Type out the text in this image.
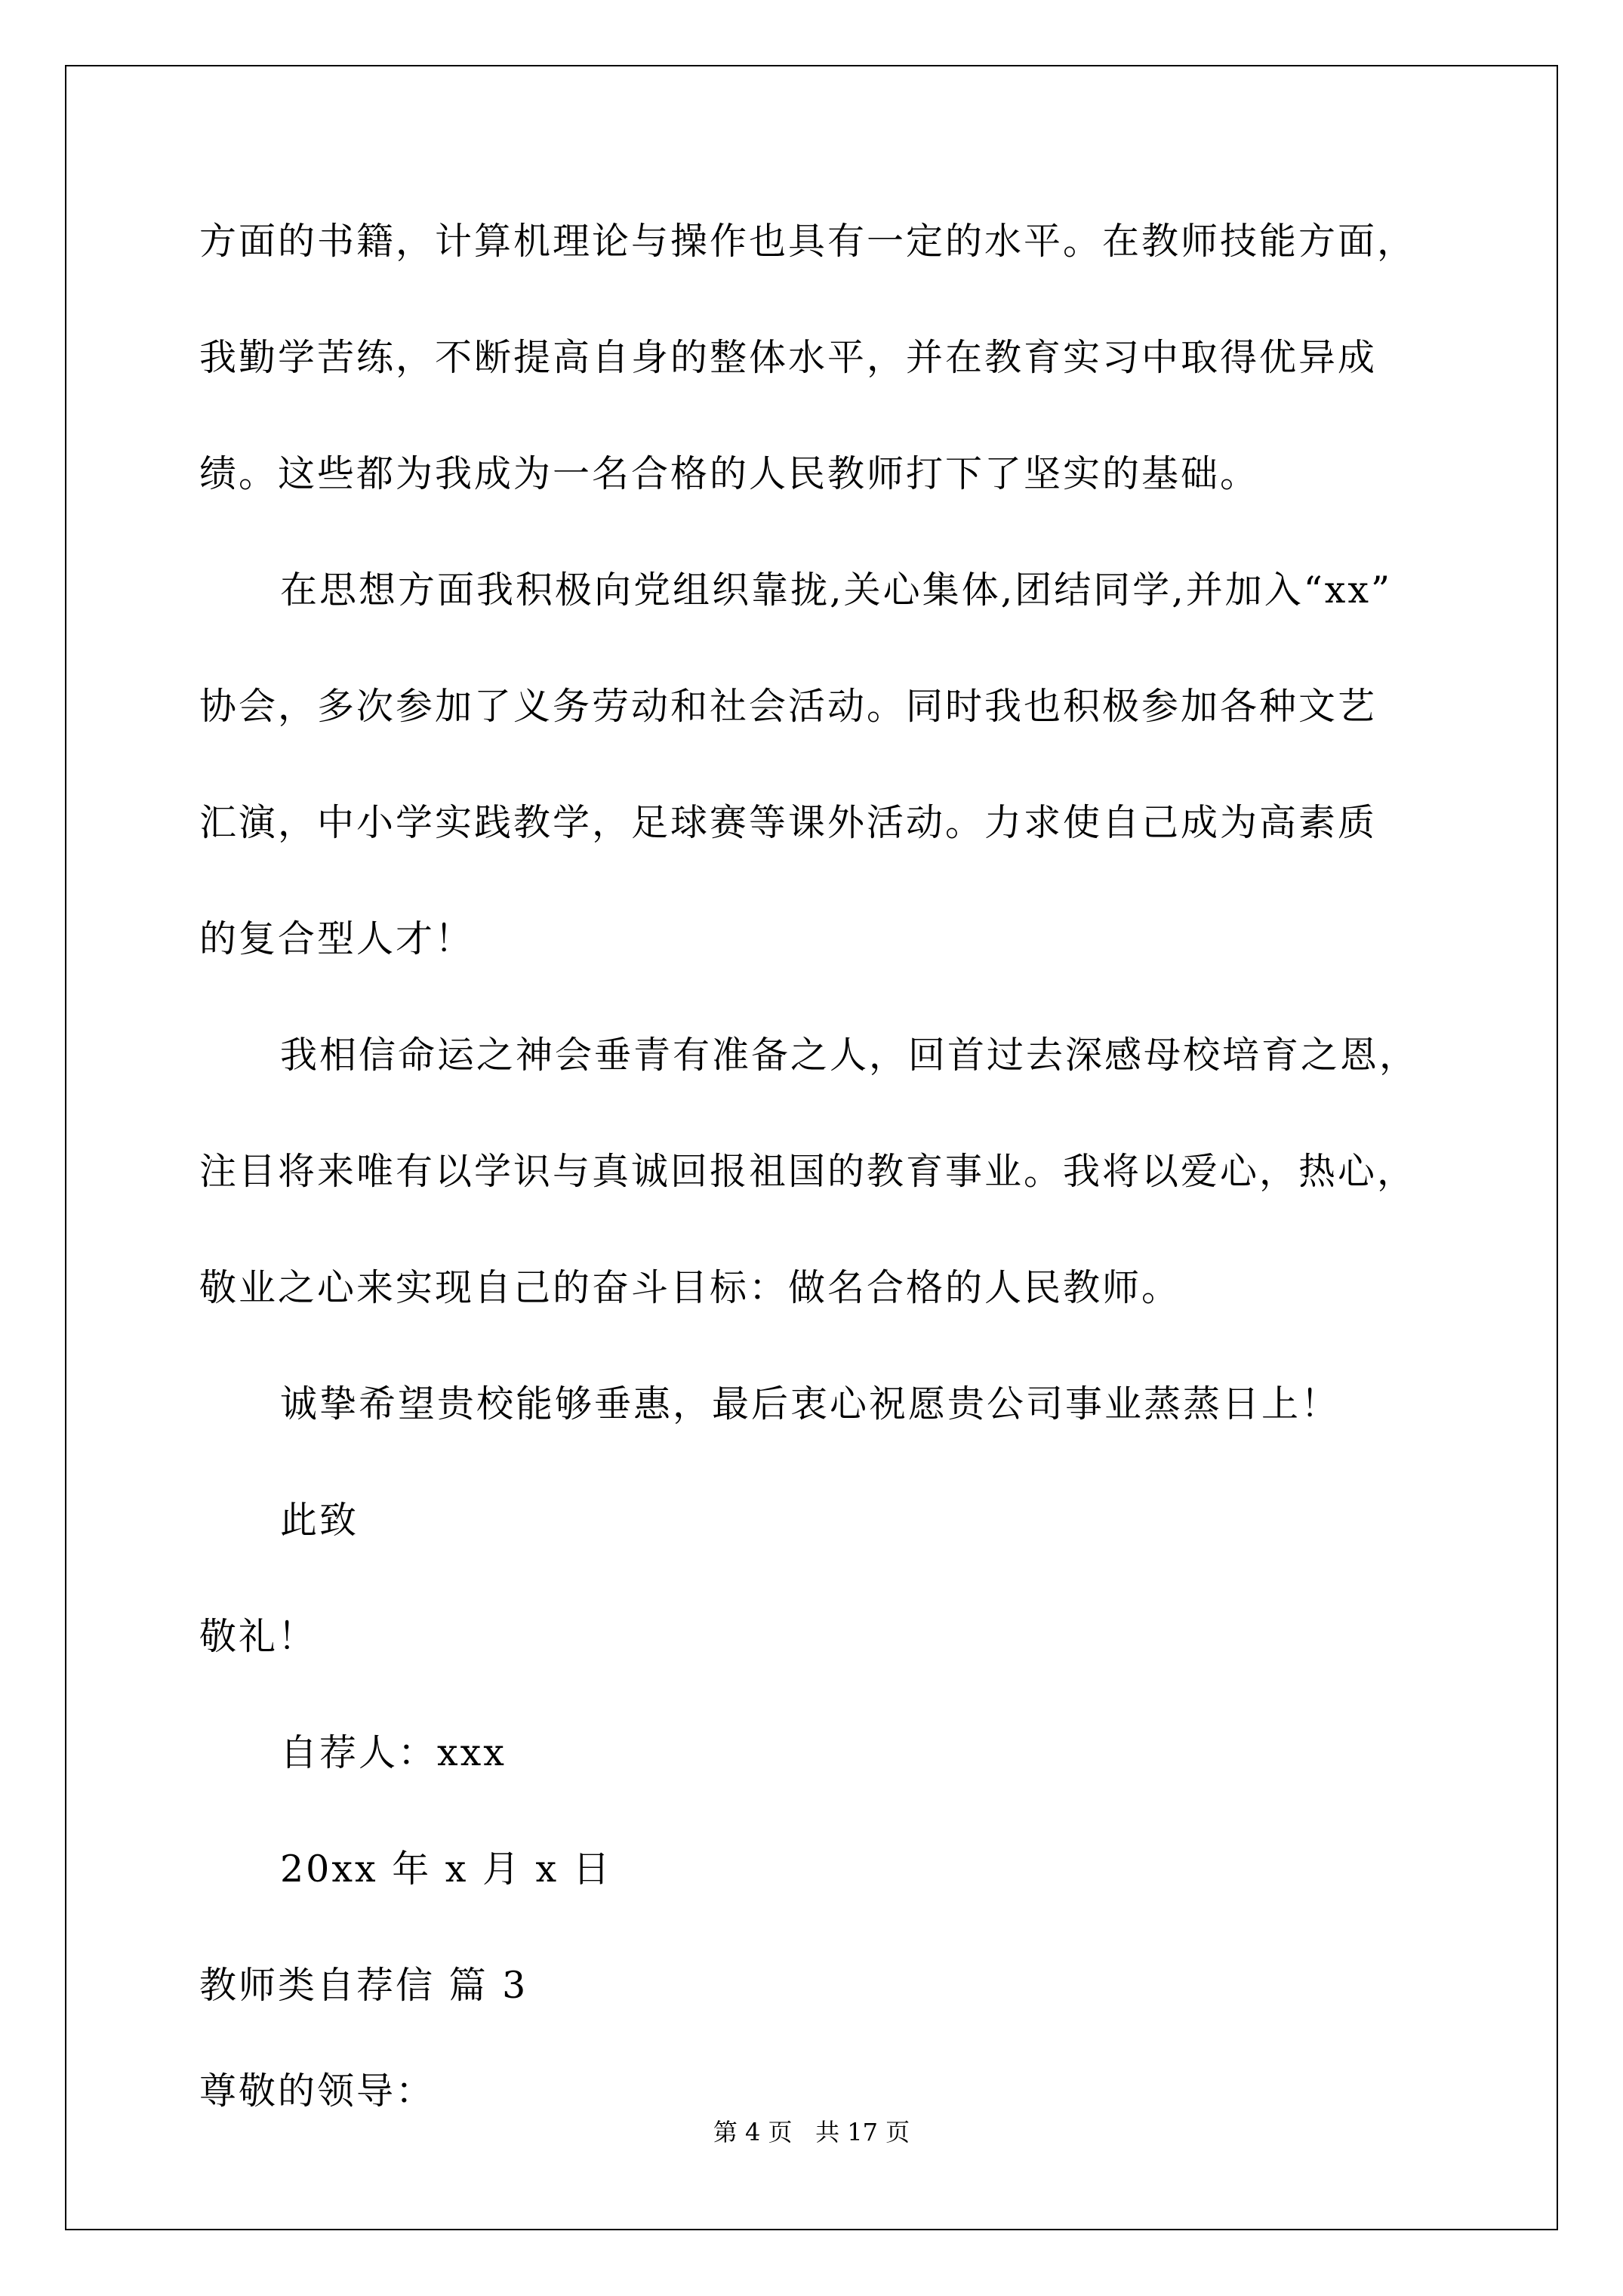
方面的书籍，计算机理论与操作也具有一定的水平。在教师技能方面，
我勤学苦练，不断提高自身的整体水平，并在教育实习中取得优异成
绩。这些都为我成为一名合格的人民教师打下了坚实的基础。
在思想方面我积极向党组织靠拢,关心集体,团结同学,并加入“xx”
协会，多次参加了义务劳动和社会活动。同时我也积极参加各种文艺
汇演，中小学实践教学，足球赛等课外活动。力求使自己成为高素质
的复合型人才！
我相信命运之神会垂青有准备之人，回首过去深感母校培育之恩，
注目将来唯有以学识与真诚回报祖国的教育事业。我将以爱心，热心，
敬业之心来实现自己的奋斗目标：做名合格的人民教师。
诚挚希望贵校能够垂惠，最后衷心祝愿贵公司事业蒸蒸日上！
此致
敬礼！
自荐人：xxx
20xx 年 x 月 x 日
教师类自荐信 篇 3
尊敬的领导：
第 4 页   共 17 页
